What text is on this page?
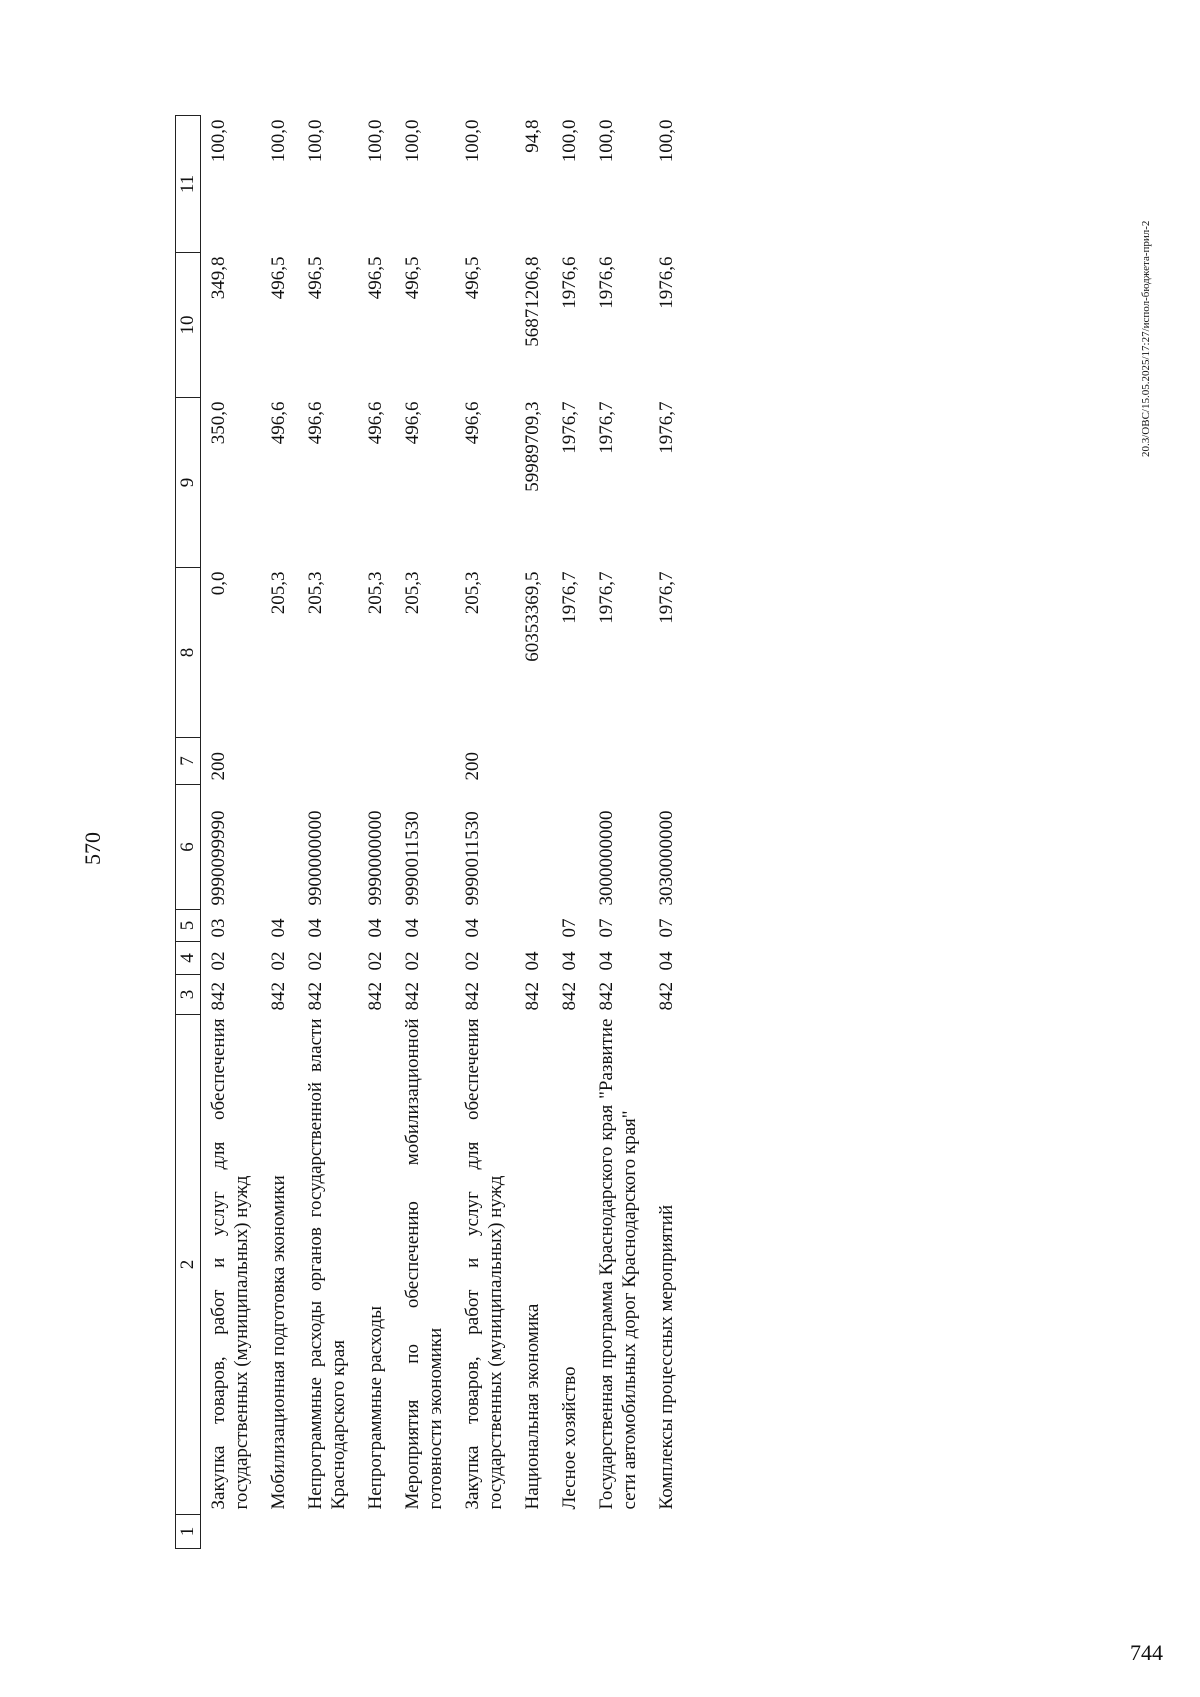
570
1	2	3	4	5	6	7	8	9	10	11
	Закупка товаров, работ и услуг для обеспечения государственных (муниципальных) нужд	842	02	03	9990099990	200	0,0	350,0	349,8	100,0
	Мобилизационная подготовка экономики	842	02	04			205,3	496,6	496,5	100,0
	Непрограммные расходы органов государственной власти Краснодарского края	842	02	04	9900000000		205,3	496,6	496,5	100,0
	Непрограммные расходы	842	02	04	9990000000		205,3	496,6	496,5	100,0
	Мероприятия по обеспечению мобилизационной готовности экономики	842	02	04	9990011530		205,3	496,6	496,5	100,0
	Закупка товаров, работ и услуг для обеспечения государственных (муниципальных) нужд	842	02	04	9990011530	200	205,3	496,6	496,5	100,0
	Национальная экономика	842	04				60353369,5	59989709,3	56871206,8	94,8
	Лесное хозяйство	842	04	07			1976,7	1976,7	1976,6	100,0
	Государственная программа Краснодарского края "Развитие сети автомобильных дорог Краснодарского края"	842	04	07	3000000000		1976,7	1976,7	1976,6	100,0
	Комплексы процессных мероприятий	842	04	07	3030000000		1976,7	1976,7	1976,6	100,0
20.3/ОВС/15.05.2025/17:27/испол-бюджета-прил-2
744
